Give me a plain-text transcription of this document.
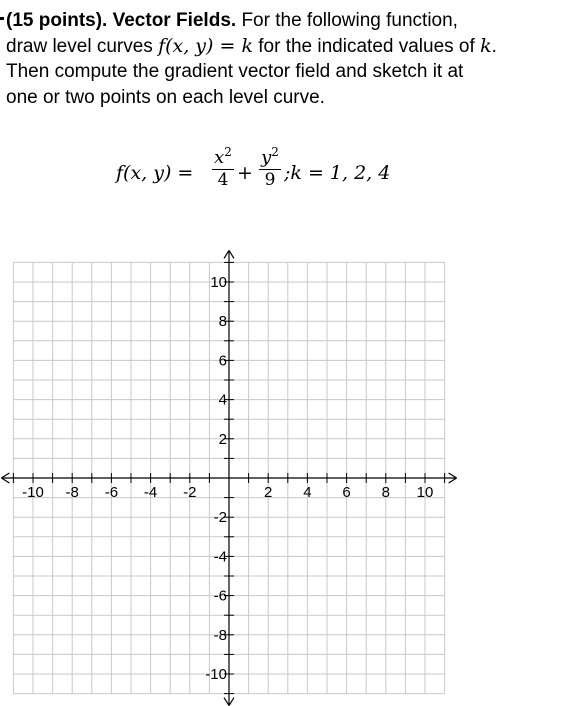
(15 points). Vector Fields. For the following function,
draw level curves f(x, y) = k for the indicated values of k.
Then compute the gradient vector field and sketch it at
one or two points on each level curve.
f(x, y) =
$x^2$
4 +
$y^2$
9 ;k = 1, 2, 4
-10 -8 -6 -4 -2	2 4 6 8 10
10
8
6
4
2
-2
-4
-6
-8
-10
